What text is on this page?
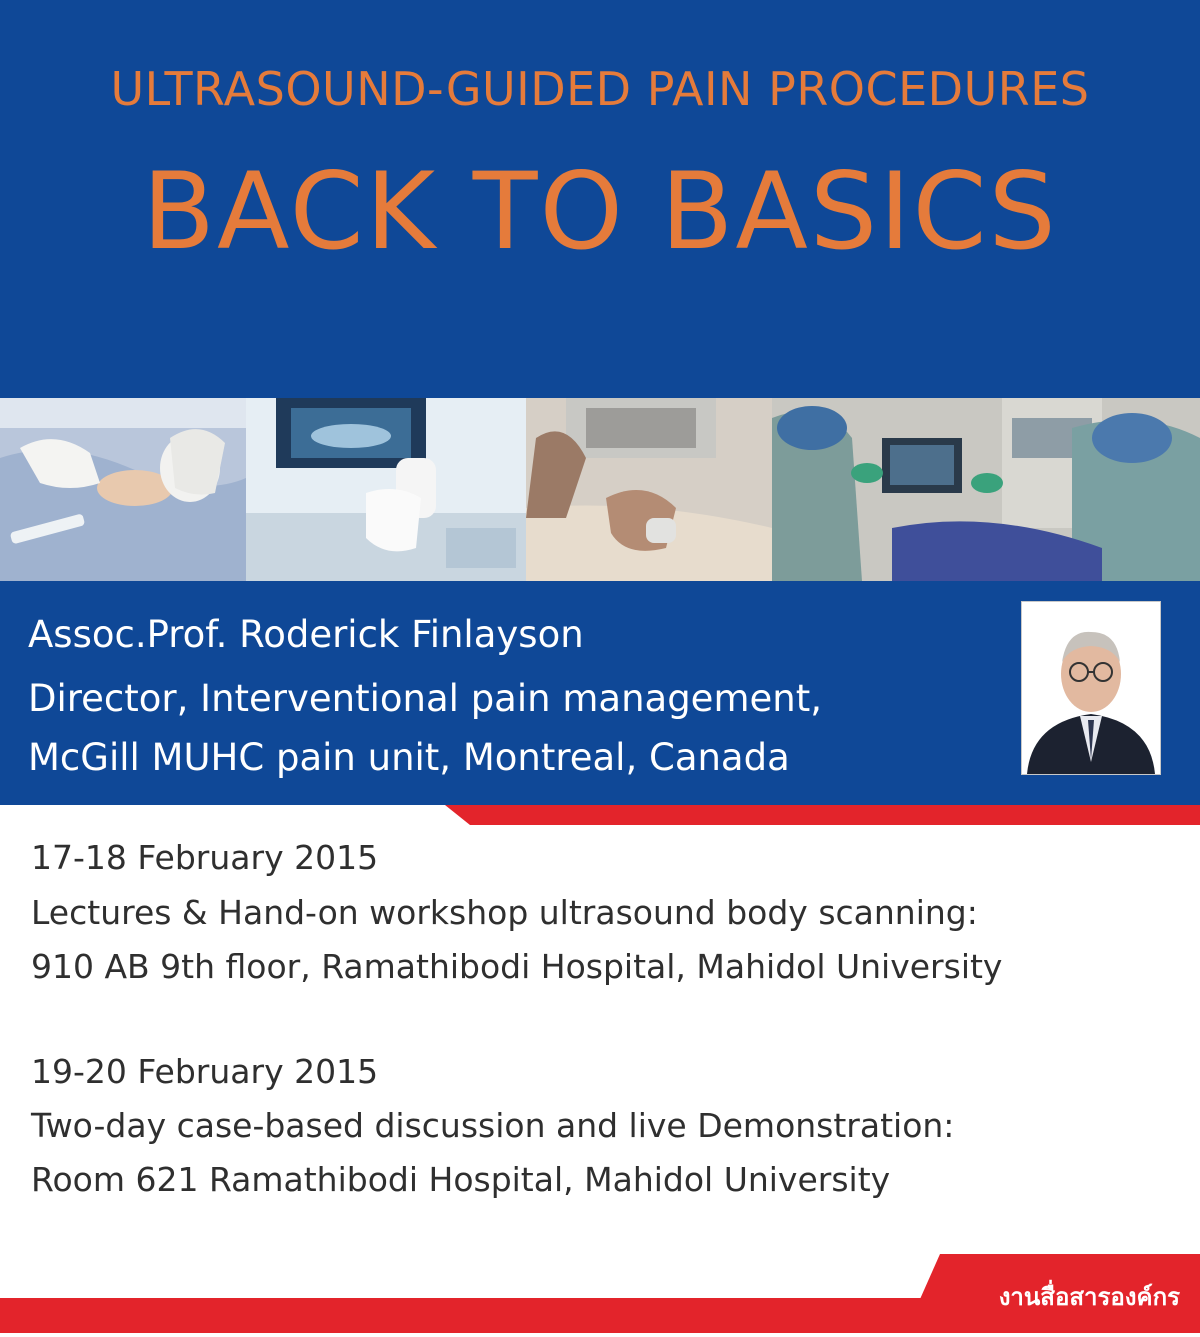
ULTRASOUND-GUIDED PAIN PROCEDURES
BACK TO BASICS
Assoc.Prof. Roderick Finlayson
Director, Interventional pain management,
McGill MUHC pain unit, Montreal, Canada
17-18 February 2015
Lectures & Hand-on workshop ultrasound body scanning:
910 AB 9th floor, Ramathibodi Hospital, Mahidol University
19-20 February 2015
Two-day case-based discussion and live Demonstration:
Room 621 Ramathibodi Hospital, Mahidol University
งานสื่อสารองค์กร
